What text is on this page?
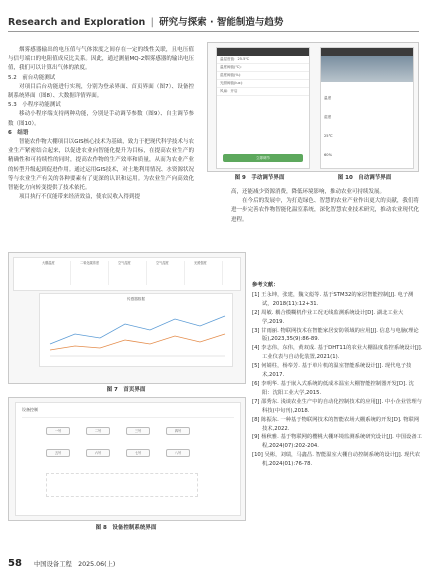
Research and Exploration | 研究与探索 · 智能制造与趋势

烟雾感器输出的电压值与气体浓度之间存在一定的线性关联，且电压值与信号端口的电阻值成反比关系。因此，通过测量MQ-2烟雾感器的输出电压值，我们可以计算出气体的浓度。

5.2　前台功能测试

对项目后台功能进行实现，分别为登录界面、首页界面（图7）、设备控制系统界面（图8）、大数据详情界面。

5.3　小程序功能测试

移动小程序端支持两种功能，分别是手动调节参数（图9）、自主调节参数（图10）。

6　结语

智能农作物大棚项目以GIS核心技术为基础，致力于把现代科学技术与农业生产紧密结合起来，以促进农业向智能化提升为目标，在提高农业生产的精确性和可持续性的同时，提高农作物的生产效率和质量，从而为农业产业的转型升级起到促进作用。通过运用GIS技术，对土地利用情况、水资源状况等与农业生产有关的各种要素有了更深的认识和运用。为农业生产向高效化智能化方向转变提供了技术依托。

项目执行不仅能带来经济效益，使农民收入得到提

温湿度值：25.5℃
温度阈值(℃)：
湿度阈值(%)：
光照阈值(lux)：
风扇：开启
立即调节
温度湿度
25℃60%
图 9　手动调节界面	图 10　自动调节界面

高，还能减少资源消费，降低环境影响，推动农业可持续发展。

在今后的发展中，为打造绿色、智慧的农业产业作出更大的贡献，我们将进一步完善农作物智能化温室系统，深化智慧农业技术研究，推动农业现代化进程。

大棚温度	二氧化碳浓度	空气湿度	空气湿度	光照强度
传感器数据
图 7　首页界面
设备控制
一号	二号	三号	四号
五号	六号	七号	八号
图 8　设备控制系统界面
参考文献：
[1] 王永坤，张建，魏文彪等. 基于STM32的家居智能控制[J]. 电子测试，2018(11):12+31.
[2] 周敏. 耦合模糊机作业工况无线监测系统设计[D]. 湖北工业大学,2019.
[3] 甘雨丽. 物联网技术在智能家居安防领域的应用[J]. 信息与电脑(理论版),2023,35(9):86-89.
[4] 李志伟，东伟，黄双成. 基于DHT11的农业大棚温度监控系统设计[J]. 工业仪表与自动化装置,2021(1).
[5] 何婧柱，杨奉芳. 基于单片机的温室智能系统设计[J]. 现代电子技术,2017.
[6] 李明华. 基于嵌入式系统的低成本温室大棚智能控制器开发[D]. 沈阳：沈阳工业大学,2015.
[7] 邵秀东. 浅谈农业生产中的自动化控制技术的应用[J]. 中小企业管理与科技(中旬刊),2018.
[8] 陈振东. 一种基于物联网技术的智能农场大棚系统的开发[D]. 物联网技术,2022.
[9] 杨秋雅. 基于物联网的樱桃大棚环境监测系统研究设计[J]. 中国设备工程,2024(07):202-204.
[10] 吴彬，刘瑞，马鑫昌. 智能温室大棚自动控制系统的设计[J]. 现代农机,2024(01):76-78.
58 中国设备工程　2025.06(上)
